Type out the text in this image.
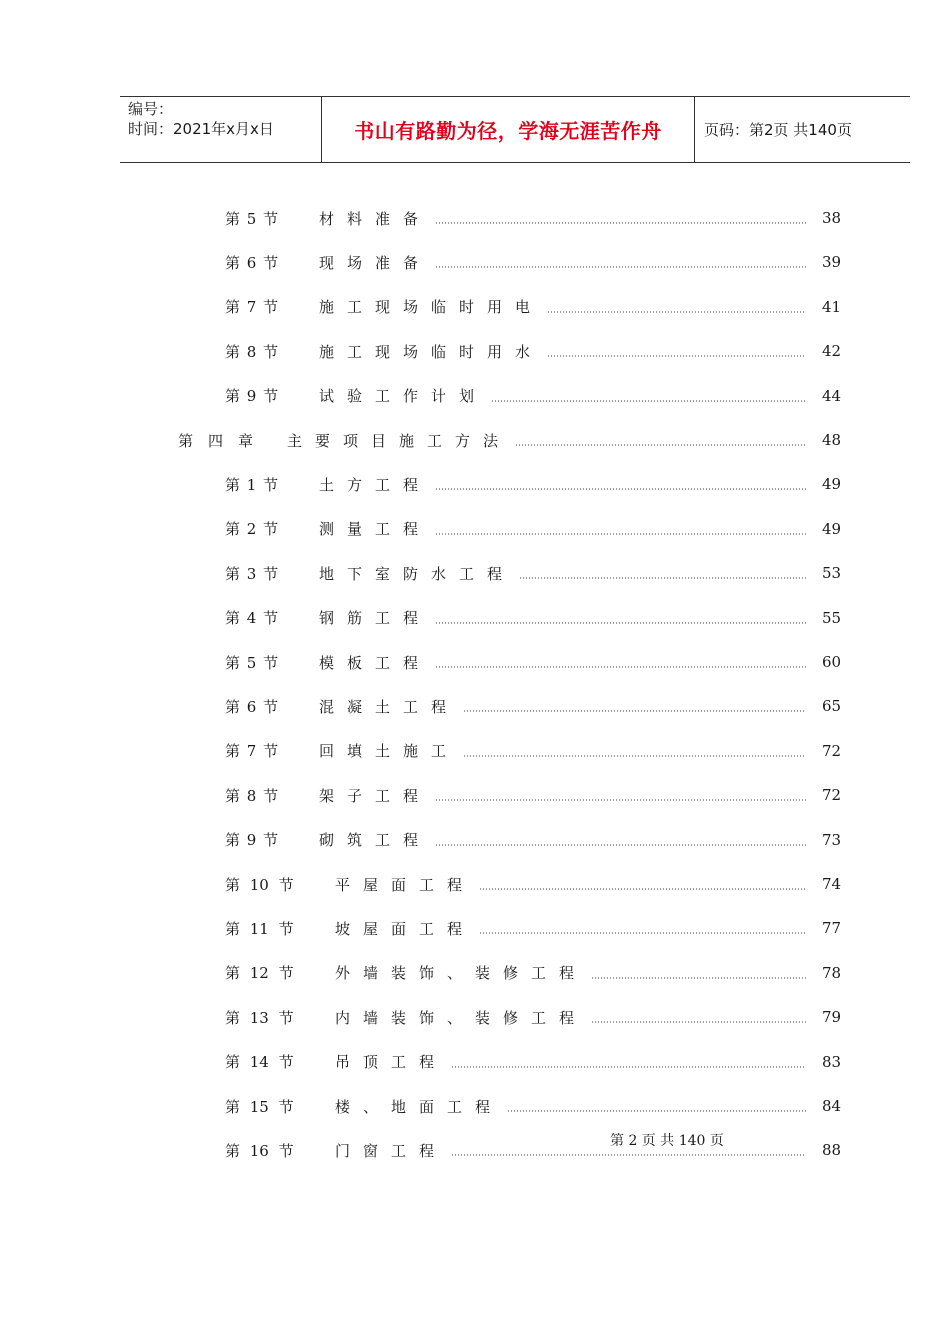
编号：
时间：2021年x月x日	书山有路勤为径，学海无涯苦作舟	页码：第2页 共140页
第 5 节	材料准备	38
第 6 节	现场准备	39
第 7 节	施工现场临时用电	41
第 8 节	施工现场临时用水	42
第 9 节	试验工作计划	44
第四章 主要项目施工方法	48
第 1 节	土方工程	49
第 2 节	测量工程	49
第 3 节	地下室防水工程	53
第 4 节	钢筋工程	55
第 5 节	模板工程	60
第 6 节	混凝土工程	65
第 7 节	回填土施工	72
第 8 节	架子工程	72
第 9 节	砌筑工程	73
第 10 节	平屋面工程	74
第 11 节	坡屋面工程	77
第 12 节	外墙装饰、装修工程	78
第 13 节	内墙装饰、装修工程	79
第 14 节	吊顶工程	83
第 15 节	楼、地面工程	84
第 16 节	门窗工程	88
第 2 页 共 140 页
